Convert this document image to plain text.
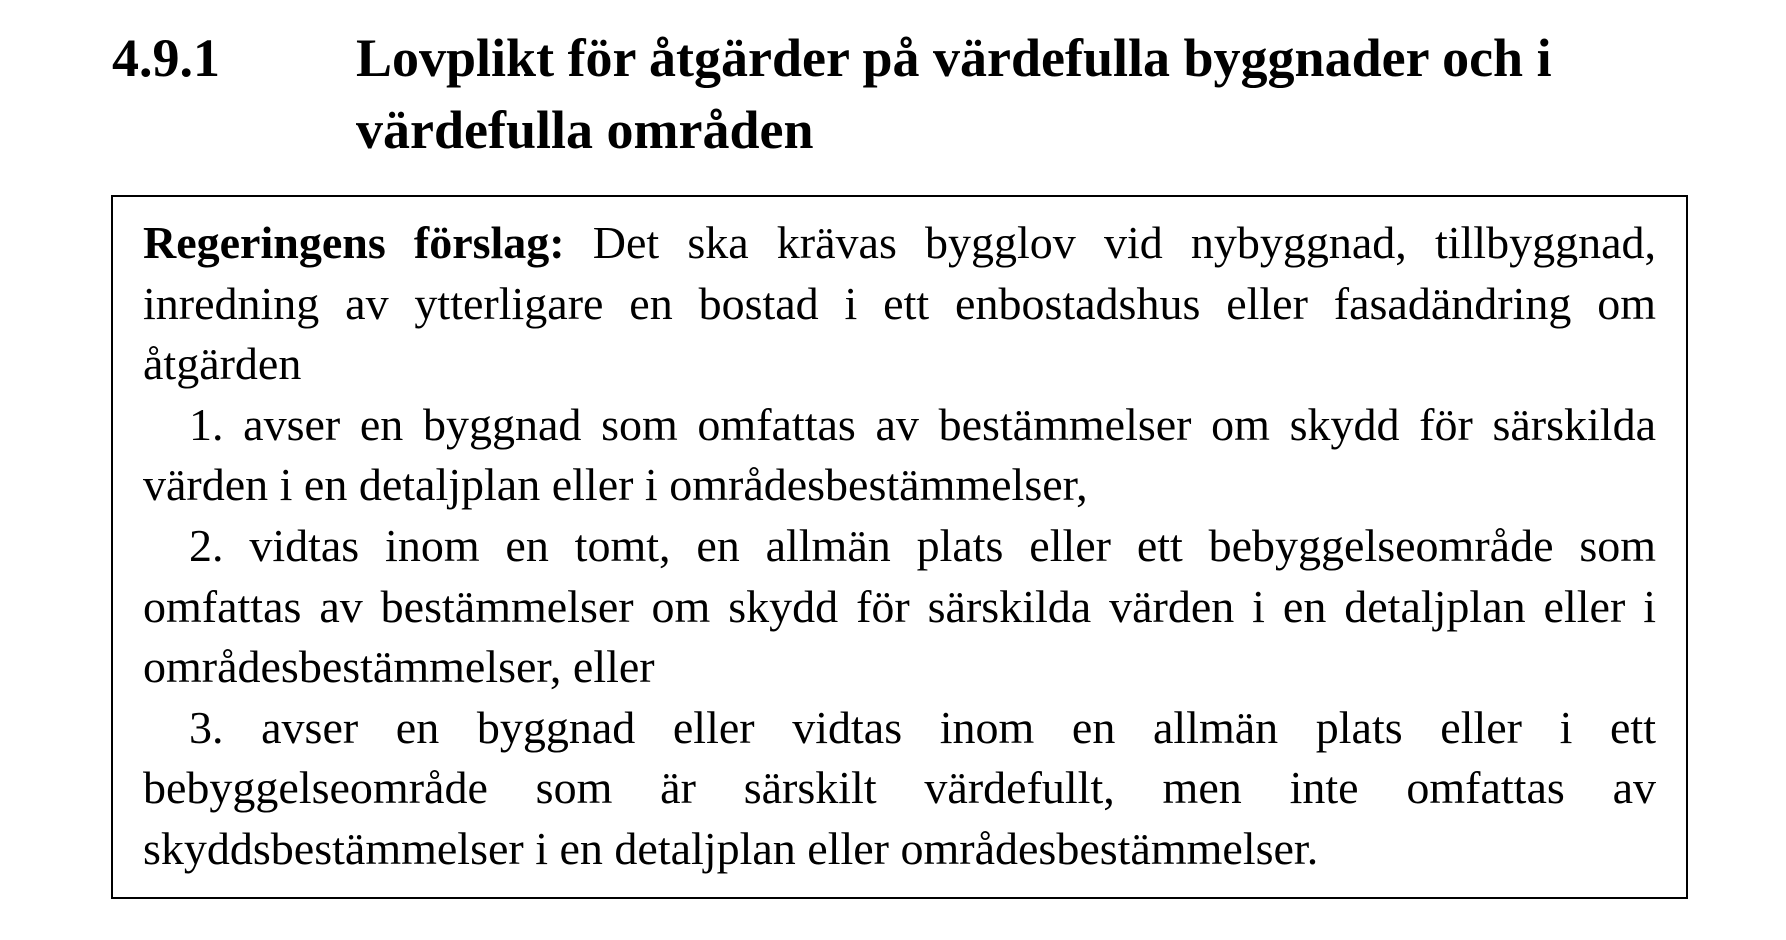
4.9.1	Lovplikt för åtgärder på värdefulla byggnader och i värdefulla områden

Regeringens förslag: Det ska krävas bygglov vid nybyggnad, tillbyggnad, inredning av ytterligare en bostad i ett enbostadshus eller fasadändring om åtgärden

1. avser en byggnad som omfattas av bestämmelser om skydd för särskilda värden i en detaljplan eller i områdesbestämmelser,

2. vidtas inom en tomt, en allmän plats eller ett bebyggelseområde som omfattas av bestämmelser om skydd för särskilda värden i en detaljplan eller i områdesbestämmelser, eller

3. avser en byggnad eller vidtas inom en allmän plats eller i ett bebyggelseområde som är särskilt värdefullt, men inte omfattas av skyddsbestämmelser i en detaljplan eller områdesbestämmelser.
